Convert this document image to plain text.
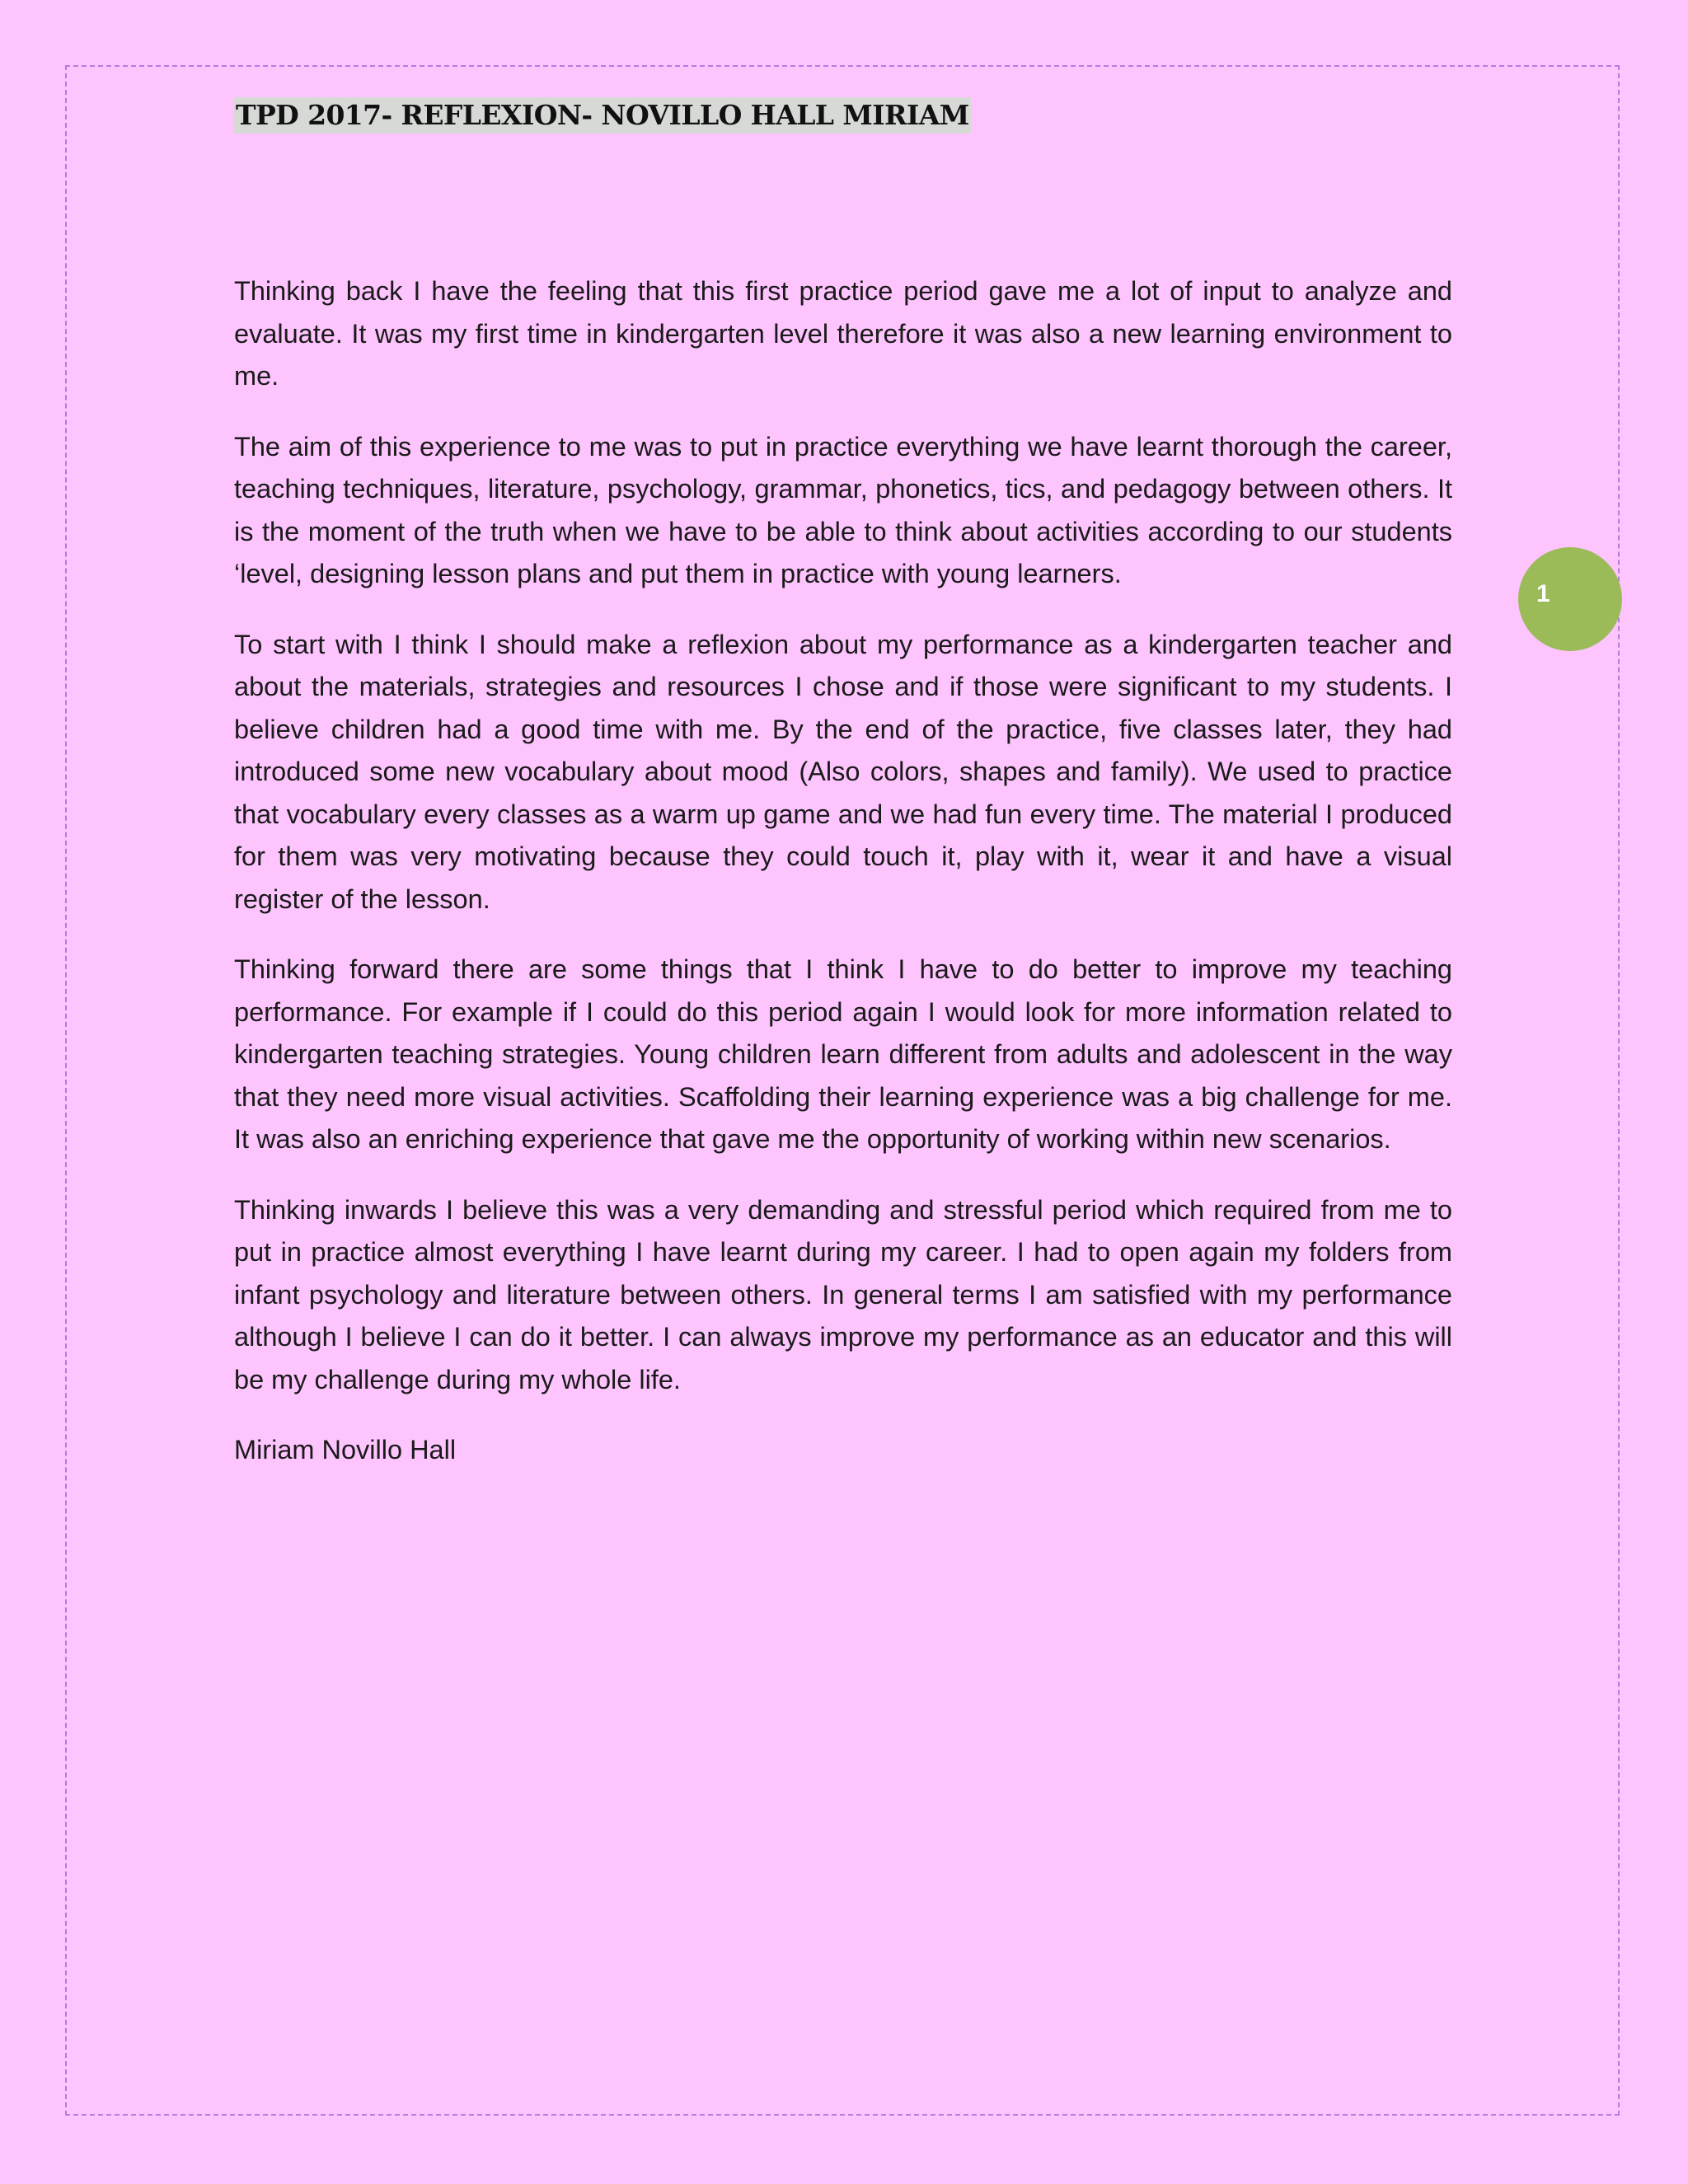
TPD 2017- REFLEXION- NOVILLO HALL MIRIAM

Thinking back I have the feeling that this first practice period gave me a lot of input to analyze and evaluate. It was my first time in kindergarten level therefore it was also a new learning environment to me.

The aim of this experience to me was to put in practice everything we have learnt thorough the career, teaching techniques, literature, psychology, grammar, phonetics, tics, and pedagogy between others. It is the moment of the truth when we have to be able to think about activities according to our students ‘level, designing lesson plans and put them in practice with young learners.

To start with I think I should make a reflexion about my performance as a kindergarten teacher and about the materials, strategies and resources I chose and if those were significant to my students. I believe children had a good time with me. By the end of the practice, five classes later, they had introduced some new vocabulary about mood (Also colors, shapes and family). We used to practice that vocabulary every classes as a warm up game and we had fun every time. The material I produced for them was very motivating because they could touch it, play with it, wear it and have a visual register of the lesson.

Thinking forward there are some things that I think I have to do better to improve my teaching performance. For example if I could do this period again I would look for more information related to kindergarten teaching strategies. Young children learn different from adults and adolescent in the way that they need more visual activities. Scaffolding their learning experience was a big challenge for me. It was also an enriching experience that gave me the opportunity of working within new scenarios.

Thinking inwards I believe this was a very demanding and stressful period which required from me to put in practice almost everything I have learnt during my career. I had to open again my folders from infant psychology and literature between others. In general terms I am satisfied with my performance although I believe I can do it better. I can always improve my performance as an educator and this will be my challenge during my whole life.

Miriam Novillo Hall

1
